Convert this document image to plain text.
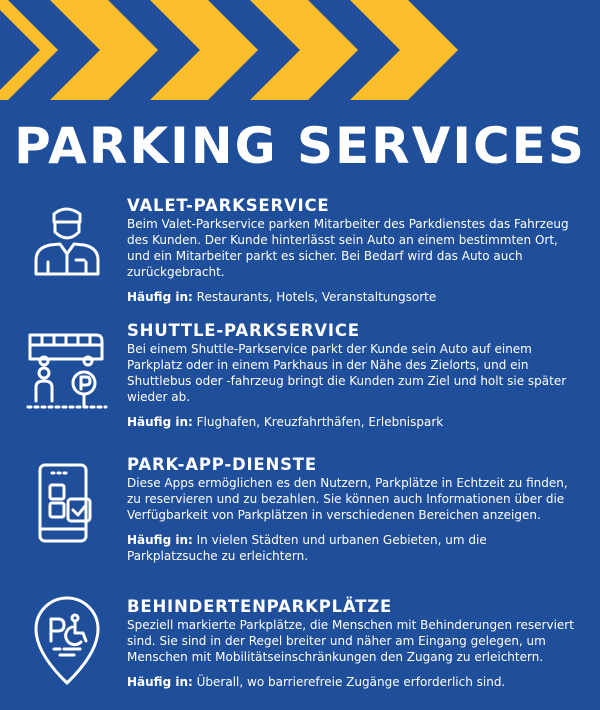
PARKING SERVICES

VALET-PARKSERVICE

Beim Valet-Parkservice parken Mitarbeiter des Parkdienstes das Fahrzeug des Kunden. Der Kunde hinterlässt sein Auto an einem bestimmten Ort, und ein Mitarbeiter parkt es sicher. Bei Bedarf wird das Auto auch zurückgebracht.

Häufig in: Restaurants, Hotels, Veranstaltungsorte

SHUTTLE-PARKSERVICE

Bei einem Shuttle-Parkservice parkt der Kunde sein Auto auf einem Parkplatz oder in einem Parkhaus in der Nähe des Zielorts, und ein Shuttlebus oder -fahrzeug bringt die Kunden zum Ziel und holt sie später wieder ab.

Häufig in: Flughafen, Kreuzfahrthäfen, Erlebnispark

PARK-APP-DIENSTE

Diese Apps ermöglichen es den Nutzern, Parkplätze in Echtzeit zu finden, zu reservieren und zu bezahlen. Sie können auch Informationen über die Verfügbarkeit von Parkplätzen in verschiedenen Bereichen anzeigen.

Häufig in: In vielen Städten und urbanen Gebieten, um die Parkplatzsuche zu erleichtern.

BEHINDERTENPARKPLÄTZE

Speziell markierte Parkplätze, die Menschen mit Behinderungen reserviert sind. Sie sind in der Regel breiter und näher am Eingang gelegen, um Menschen mit Mobilitätseinschränkungen den Zugang zu erleichtern.

Häufig in: Überall, wo barrierefreie Zugänge erforderlich sind.
